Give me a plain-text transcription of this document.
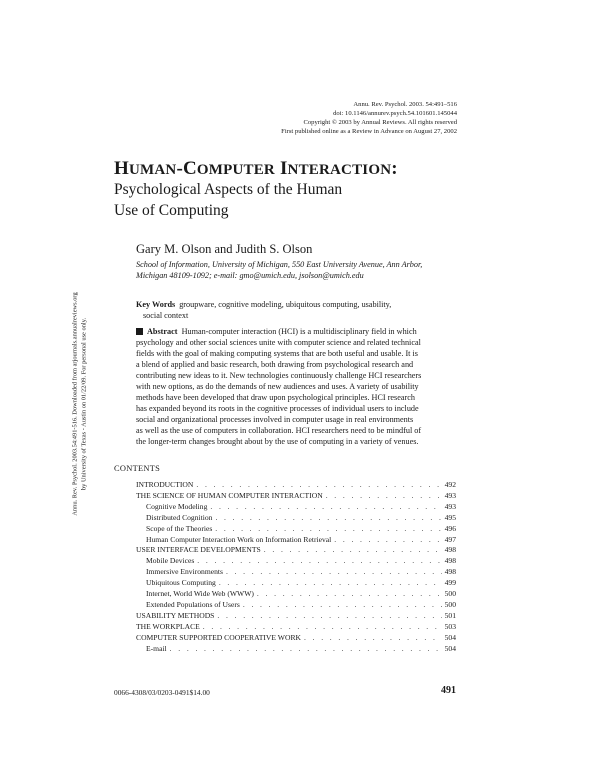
Annu. Rev. Psychol. 2003. 54:491–516
doi: 10.1146/annurev.psych.54.101601.145044
Copyright © 2003 by Annual Reviews. All rights reserved
First published online as a Review in Advance on August 27, 2002
Annu. Rev. Psychol. 2003.54:491-516. Downloaded from arjournals.annualreviews.org by University of Texas - Austin on 01/22/09. For personal use only.
HUMAN-COMPUTER INTERACTION:
Psychological Aspects of the Human
Use of Computing
Gary M. Olson and Judith S. Olson
School of Information, University of Michigan, 550 East University Avenue, Ann Arbor,
Michigan 48109-1092; e-mail: gmo@umich.edu, jsolson@umich.edu
Key Words groupware, cognitive modeling, ubiquitous computing, usability,
social context
Abstract Human-computer interaction (HCI) is a multidisciplinary field in which
psychology and other social sciences unite with computer science and related technical
fields with the goal of making computing systems that are both useful and usable. It is
a blend of applied and basic research, both drawing from psychological research and
contributing new ideas to it. New technologies continuously challenge HCI researchers
with new options, as do the demands of new audiences and uses. A variety of usability
methods have been developed that draw upon psychological principles. HCI research
has expanded beyond its roots in the cognitive processes of individual users to include
social and organizational processes involved in computer usage in real environments
as well as the use of computers in collaboration. HCI researchers need to be mindful of
the longer-term changes brought about by the use of computing in a variety of venues.
CONTENTS
INTRODUCTION . . .	492
THE SCIENCE OF HUMAN COMPUTER INTERACTION . . .	493
Cognitive Modeling . . .	493
Distributed Cognition . . .	495
Scope of the Theories . . .	496
Human Computer Interaction Work on Information Retrieval . . .	497
USER INTERFACE DEVELOPMENTS . . .	498
Mobile Devices . . .	498
Immersive Environments . . .	498
Ubiquitous Computing . . .	499
Internet, World Wide Web (WWW) . . .	500
Extended Populations of Users . . .	500
USABILITY METHODS . . .	501
THE WORKPLACE . . .	503
COMPUTER SUPPORTED COOPERATIVE WORK . . .	504
E-mail . . .	504
0066-4308/03/0203-0491$14.00	491
